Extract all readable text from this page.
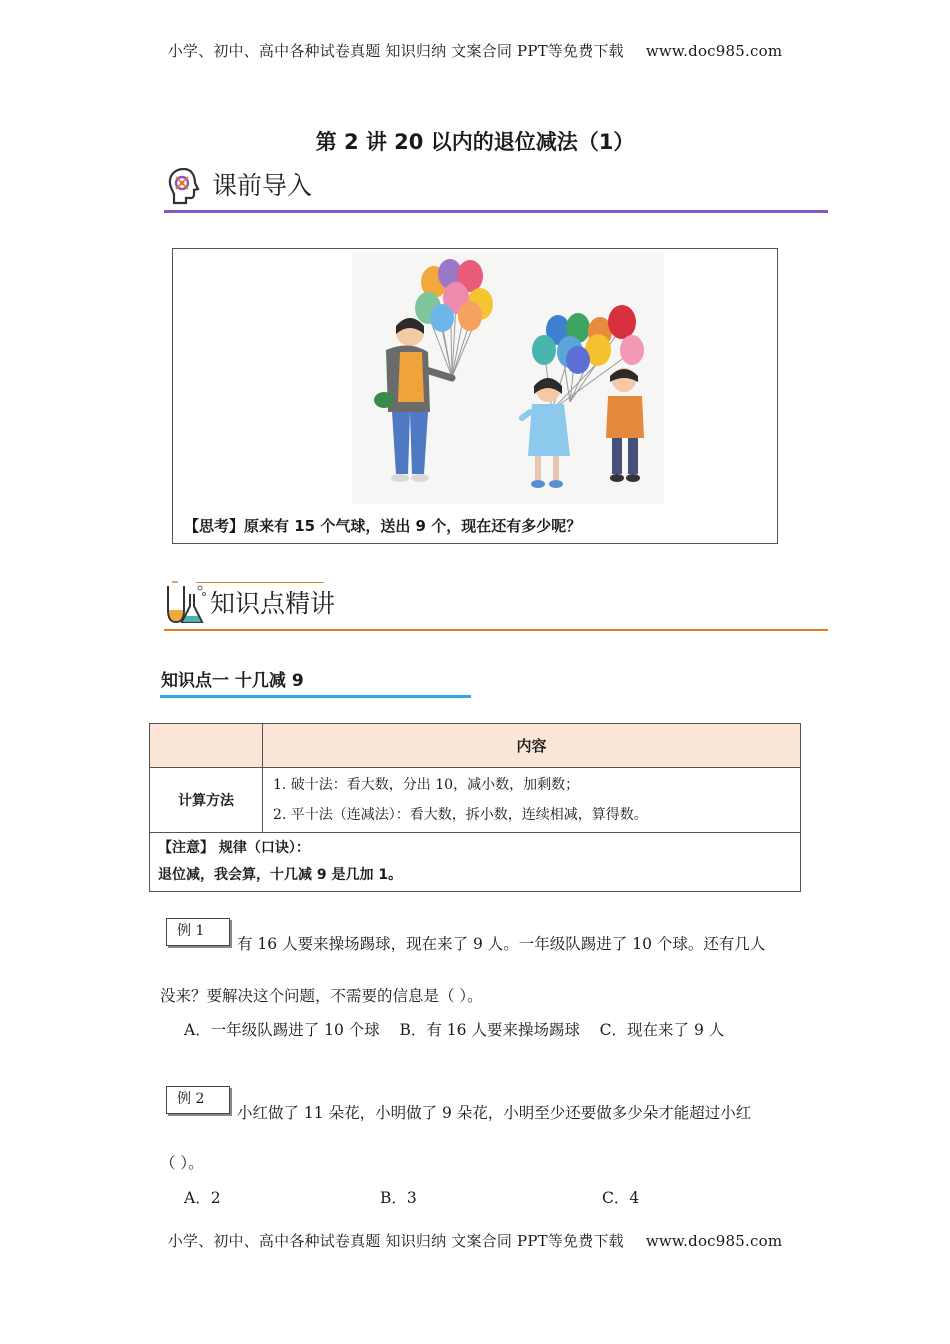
小学、初中、高中各种试卷真题 知识归纳 文案合同 PPT等免费下载 www.doc985.com
第 2 讲 20 以内的退位减法（1）
课前导入
【思考】原来有 15 个气球，送出 9 个，现在还有多少呢？
知识点精讲
知识点一 十几减 9
	内容
计算方法	1. 破十法：看大数，分出 10，减小数，加剩数；
2. 平十法（连减法）：看大数，拆小数，连续相减，算得数。

【注意】 规律（口诀）：
退位减，我会算，十几减 9 是几加 1。	
例 1
有 16 人要来操场踢球，现在来了 9 人。一年级队踢进了 10 个球。还有几人
没来？要解决这个问题，不需要的信息是（ ）。
A．一年级队踢进了 10 个球    B．有 16 人要来操场踢球    C．现在来了 9 人
例 2
小红做了 11 朵花，小明做了 9 朵花，小明至少还要做多少朵才能超过小红
（ ）。
A．2	B．3	C．4
小学、初中、高中各种试卷真题 知识归纳 文案合同 PPT等免费下载 www.doc985.com
